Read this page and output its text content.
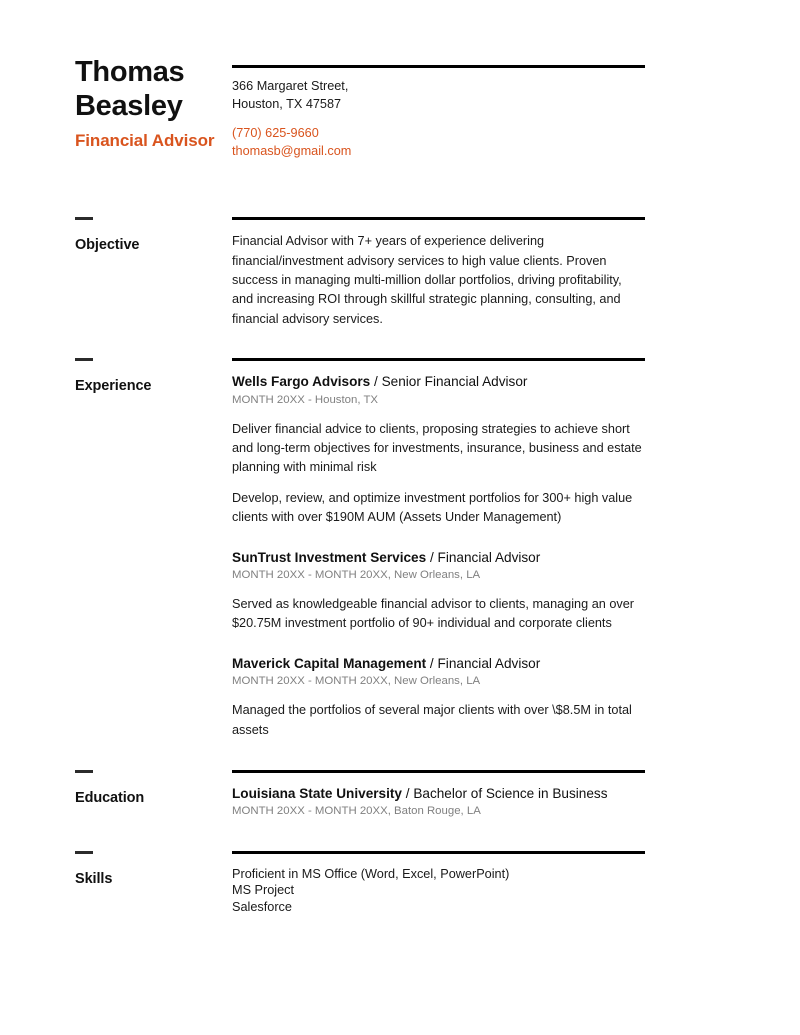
Thomas Beasley
Financial Advisor
366 Margaret Street,
Houston, TX 47587
(770) 625-9660
thomasb@gmail.com
Objective	Financial Advisor with 7+ years of experience delivering financial/investment advisory services to high value clients. Proven success in managing multi-million dollar portfolios, driving profitability, and increasing ROI through skillful strategic planning, consulting, and financial advisory services.
Experience	Wells Fargo Advisors / Senior Financial Advisor
MONTH 20XX - Houston, TX
Deliver financial advice to clients, proposing strategies to achieve short and long-term objectives for investments, insurance, business and estate planning with minimal risk
Develop, review, and optimize investment portfolios for 300+ high value clients with over $190M AUM (Assets Under Management)
SunTrust Investment Services / Financial Advisor
MONTH 20XX - MONTH 20XX, New Orleans, LA
Served as knowledgeable financial advisor to clients, managing an over $20.75M investment portfolio of 90+ individual and corporate clients
Maverick Capital Management / Financial Advisor
MONTH 20XX - MONTH 20XX, New Orleans, LA
Managed the portfolios of several major clients with over \$8.5M in total assets
Education	Louisiana State University / Bachelor of Science in Business
MONTH 20XX - MONTH 20XX, Baton Rouge, LA
Skills	Proficient in MS Office (Word, Excel, PowerPoint)
MS Project
Salesforce
